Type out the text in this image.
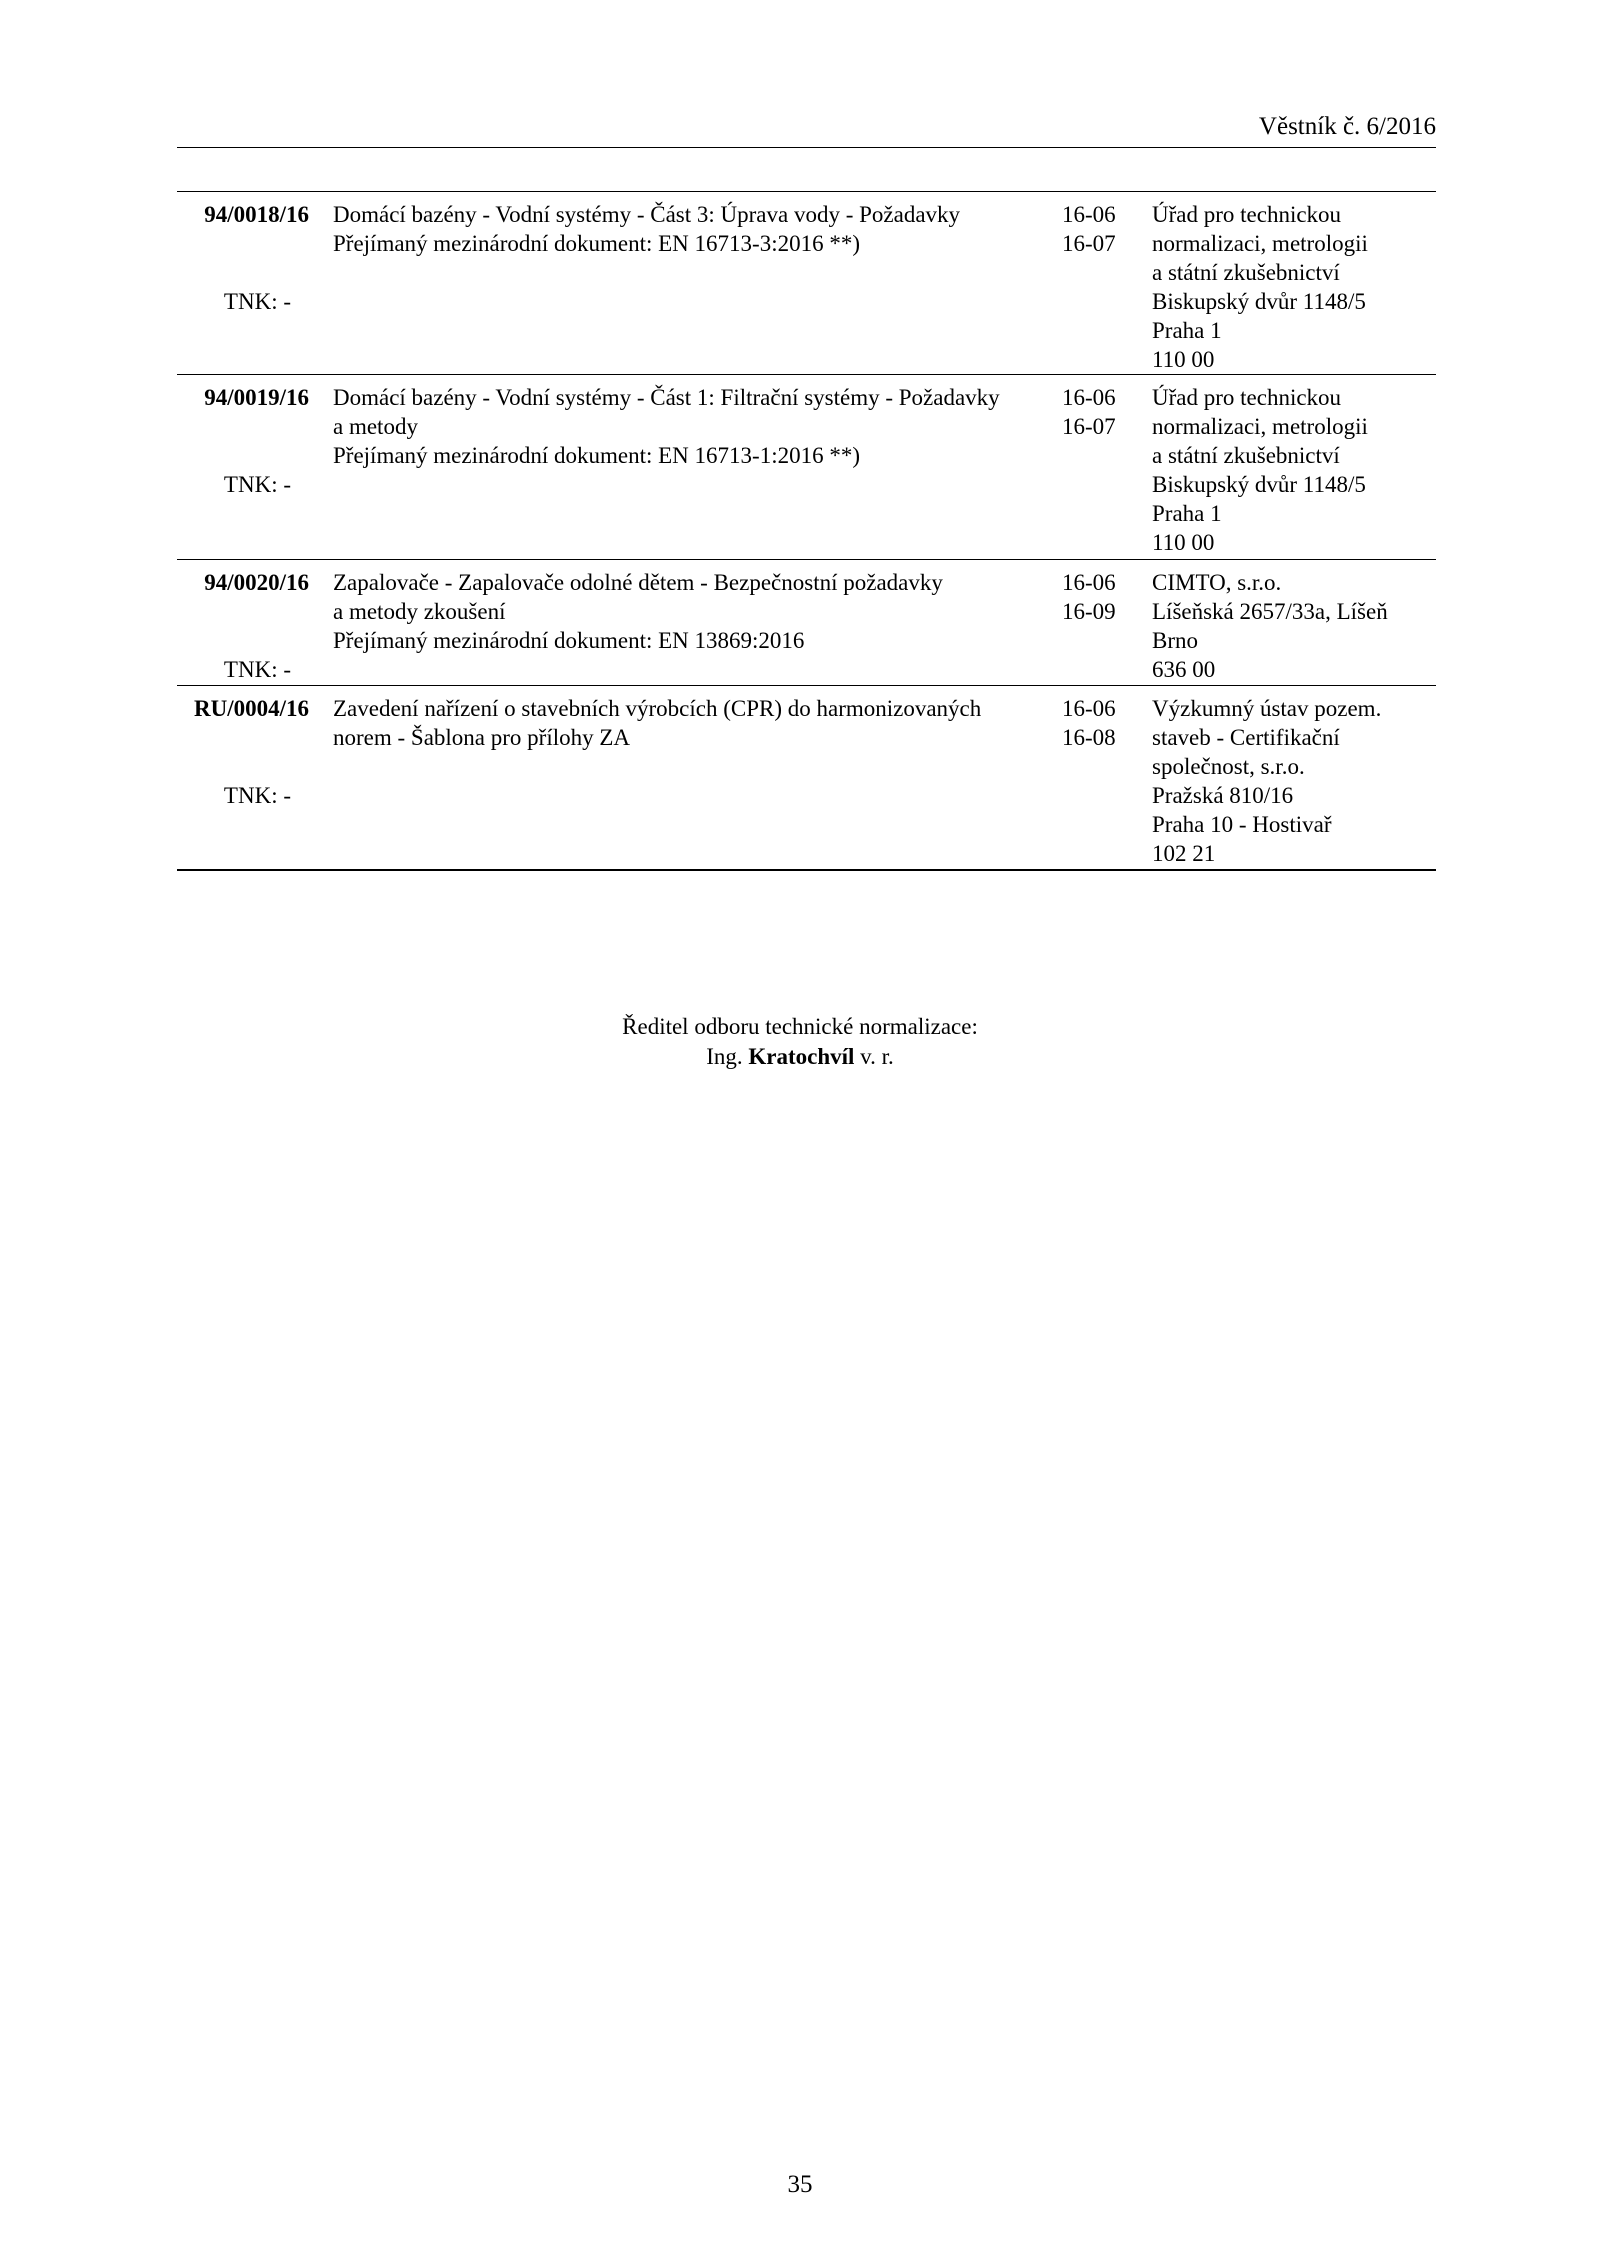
Věstník č. 6/2016
94/0018/16
TNK: -
Domácí bazény - Vodní systémy - Část 3: Úprava vody - Požadavky
Přejímaný mezinárodní dokument: EN 16713-3:2016 **)
16-06
16-07
Úřad pro technickou
normalizaci, metrologii
a státní zkušebnictví
Biskupský dvůr 1148/5
Praha 1
110 00
94/0019/16
TNK: -
Domácí bazény - Vodní systémy - Část 1: Filtrační systémy - Požadavky
a metody
Přejímaný mezinárodní dokument: EN 16713-1:2016 **)
16-06
16-07
Úřad pro technickou
normalizaci, metrologii
a státní zkušebnictví
Biskupský dvůr 1148/5
Praha 1
110 00
94/0020/16
TNK: -
Zapalovače - Zapalovače odolné dětem - Bezpečnostní požadavky
a metody zkoušení
Přejímaný mezinárodní dokument: EN 13869:2016
16-06
16-09
CIMTO, s.r.o.
Líšeňská 2657/33a, Líšeň
Brno
636 00
RU/0004/16
TNK: -
Zavedení nařízení o stavebních výrobcích (CPR) do harmonizovaných
norem - Šablona pro přílohy ZA
16-06
16-08
Výzkumný ústav pozem.
staveb - Certifikační
společnost, s.r.o.
Pražská 810/16
Praha 10 - Hostivař
102 21
Ředitel odboru technické normalizace:
Ing. Kratochvíl v. r.
35
